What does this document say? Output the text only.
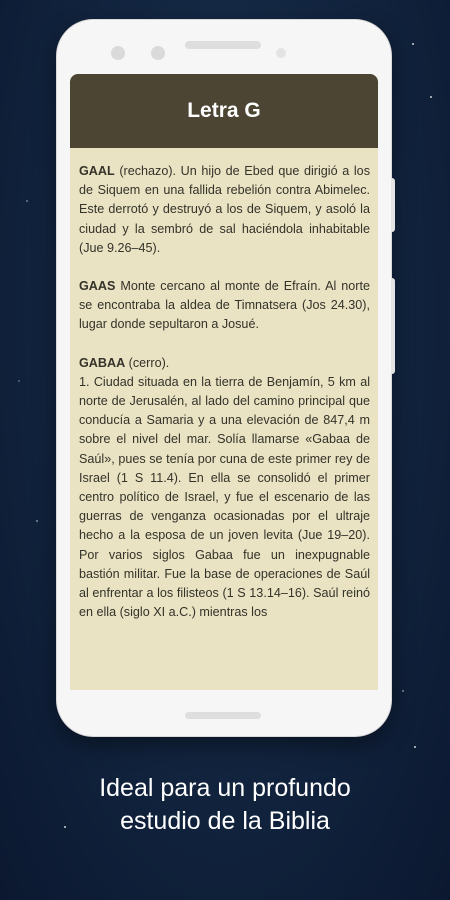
Letra G

GAAL (rechazo). Un hijo de Ebed que dirigió a los de Siquem en una fallida rebelión contra Abimelec. Este derrotó y destruyó a los de Siquem, y asoló la ciudad y la sembró de sal haciéndola inhabitable (Jue 9.26–45).

GAAS Monte cercano al monte de Efraín. Al norte se encontraba la aldea de Timnatsera (Jos 24.30), lugar donde sepultaron a Josué.

GABAA (cerro).
1. Ciudad situada en la tierra de Benjamín, 5 km al norte de Jerusalén, al lado del camino principal que conducía a Samaria y a una elevación de 847,4 m sobre el nivel del mar. Solía llamarse «Gabaa de Saúl», pues se tenía por cuna de este primer rey de Israel (1 S 11.4). En ella se consolidó el primer centro político de Israel, y fue el escenario de las guerras de venganza ocasionadas por el ultraje hecho a la esposa de un joven levita (Jue 19–20). Por varios siglos Gabaa fue un inexpugnable bastión militar. Fue la base de operaciones de Saúl al enfrentar a los filisteos (1 S 13.14–16). Saúl reinó en ella (siglo XI a.C.) mientras los

Ideal para un profundo
estudio de la Biblia
